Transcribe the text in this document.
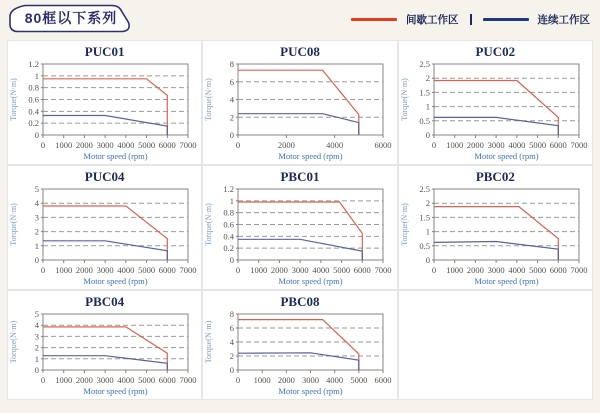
80框以下系列	间歇工作区	连续工作区
PUC01
0
0.2
0.4
0.6
0.8
1
1.2
0 1000 2000 3000 4000 5000 6000 7000
Motor speed (rpm)
Torque(N·m)
PUC08
0
2
4
6
8
0	2000	4000	6000
Motor speed (rpm)
Torque(N·m)
PUC02
0
0.5
1
1.5
2
2.5
0 1000 2000 3000 4000 5000 6000 7000
Motor speed (rpm)
Torque(N·m)
PUC04
0
1
2
3
4
5
0 1000 2000 3000 4000 5000 6000 7000
Motor speed (rpm)
Torque(N·m)
PBC01
0
0.2
0.4
0.6
0.8
1
1.2
0 1000 2000 3000 4000 5000 6000 7000
Motor speed (rpm)
Torque(N·m)
PBC02
0
0.5
1
1.5
2
2.5
0 1000 2000 3000 4000 5000 6000 7000
Motor speed (rpm)
Torque(N·m)
PBC04
0
1
2
3
4
5
0 1000 2000 3000 4000 5000 6000 7000
Motor speed (rpm)
Torque(N·m)
PBC08
0
2
4
6
8
0 1000 2000 3000 4000 5000 6000
Motor speed (rpm)
Torque(N·m)
